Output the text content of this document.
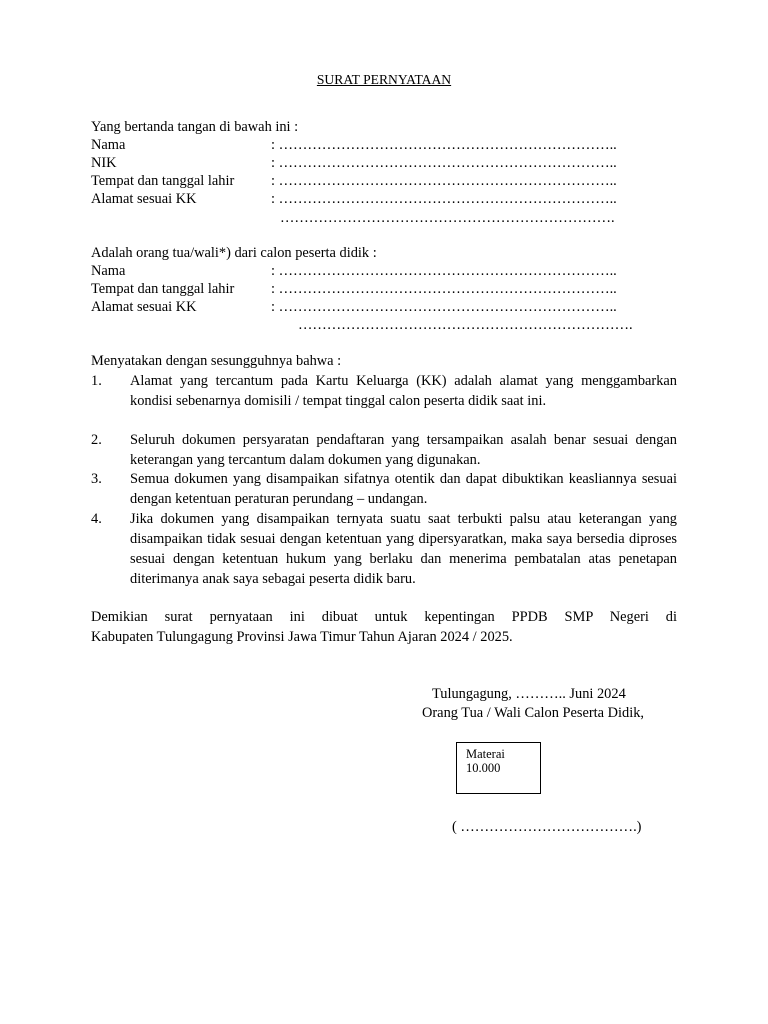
SURAT PERNYATAAN
Yang bertanda tangan di bawah ini :
Nama	: ……………………………………………………………..
NIK	: ……………………………………………………………..
Tempat dan tanggal lahir	: ……………………………………………………………..
Alamat sesuai KK	: ……………………………………………………………..
…………………………………………………………….
Adalah orang tua/wali*) dari calon peserta didik :
Nama	: ……………………………………………………………..
Tempat dan tanggal lahir	: ……………………………………………………………..
Alamat sesuai KK	: ……………………………………………………………..
…………………………………………………………….
Menyatakan dengan sesungguhnya bahwa :
1. Alamat yang tercantum pada Kartu Keluarga (KK) adalah alamat yang menggambarkan kondisi sebenarnya domisili / tempat tinggal calon peserta didik saat ini.
2. Seluruh dokumen persyaratan pendaftaran yang tersampaikan asalah benar sesuai dengan keterangan yang tercantum dalam dokumen yang digunakan.
3. Semua dokumen yang disampaikan sifatnya otentik dan dapat dibuktikan keasliannya sesuai dengan ketentuan peraturan perundang – undangan.
4. Jika dokumen yang disampaikan ternyata suatu saat terbukti palsu atau keterangan yang disampaikan tidak sesuai dengan ketentuan yang dipersyaratkan, maka saya bersedia diproses sesuai dengan ketentuan hukum yang berlaku dan menerima pembatalan atas penetapan diterimanya anak saya sebagai peserta didik baru.
Demikian surat pernyataan ini dibuat untuk kepentingan PPDB SMP Negeri di
Kabupaten Tulungagung Provinsi Jawa Timur Tahun Ajaran 2024 / 2025.
Tulungagung, ……….. Juni 2024
Orang Tua / Wali Calon Peserta Didik,
Materai
10.000
( ……………………………….)
